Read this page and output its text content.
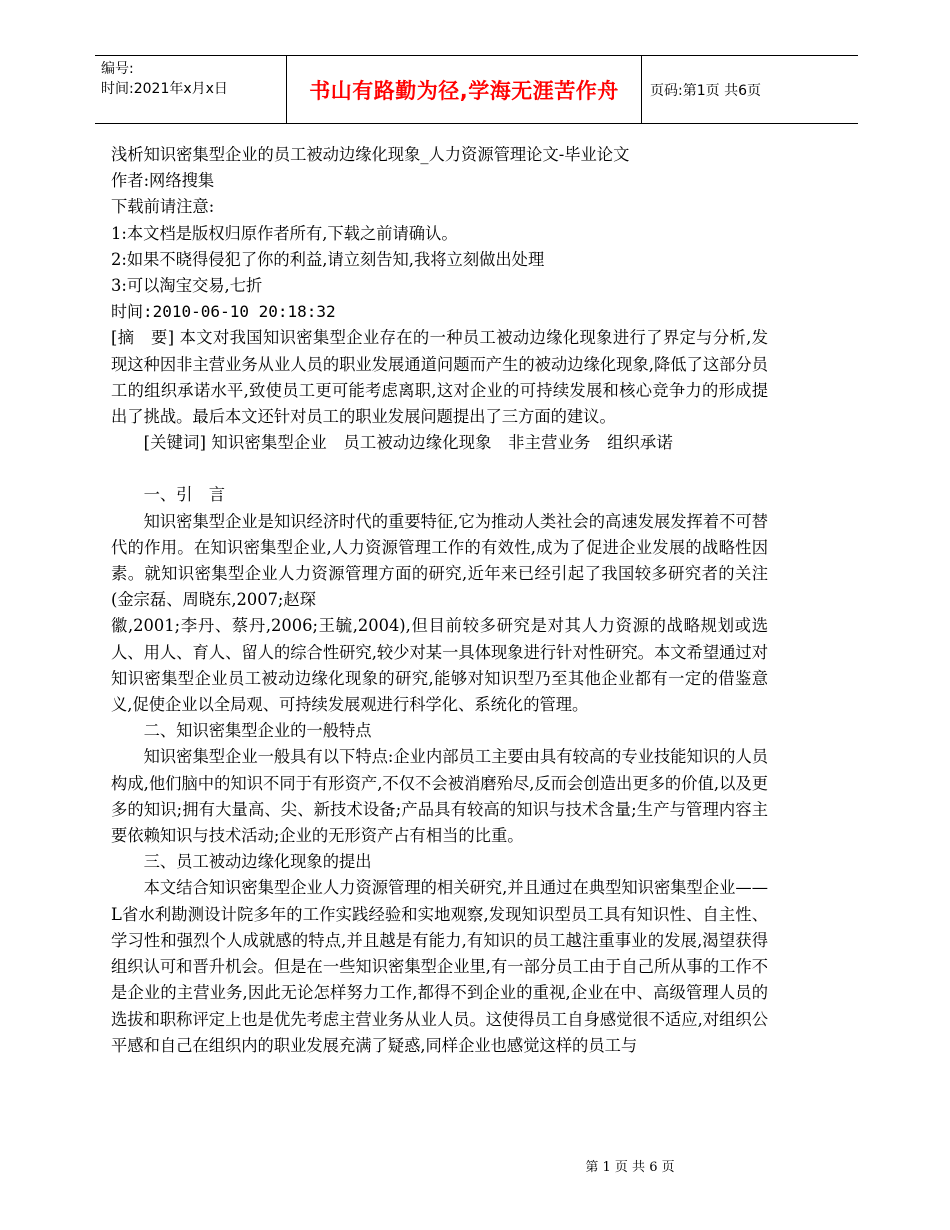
编号:
时间:2021年x月x日	书山有路勤为径,学海无涯苦作舟	页码:第1页 共6页

浅析知识密集型企业的员工被动边缘化现象_人力资源管理论文-毕业论文

作者:网络搜集

下载前请注意:

1:本文档是版权归原作者所有,下载之前请确认。

2:如果不晓得侵犯了你的利益,请立刻告知,我将立刻做出处理

3:可以淘宝交易,七折

时间:2010-06-10 20:18:32

[摘　要] 本文对我国知识密集型企业存在的一种员工被动边缘化现象进行了界定与分析,发现这种因非主营业务从业人员的职业发展通道问题而产生的被动边缘化现象,降低了这部分员工的组织承诺水平,致使员工更可能考虑离职,这对企业的可持续发展和核心竞争力的形成提出了挑战。最后本文还针对员工的职业发展问题提出了三方面的建议。

[关键词] 知识密集型企业　员工被动边缘化现象　非主营业务　组织承诺

一、引　言

知识密集型企业是知识经济时代的重要特征,它为推动人类社会的高速发展发挥着不可替代的作用。在知识密集型企业,人力资源管理工作的有效性,成为了促进企业发展的战略性因素。就知识密集型企业人力资源管理方面的研究,近年来已经引起了我国较多研究者的关注(金宗磊、周晓东,2007;赵琛

徽,2001;李丹、蔡丹,2006;王毓,2004),但目前较多研究是对其人力资源的战略规划或选人、用人、育人、留人的综合性研究,较少对某一具体现象进行针对性研究。本文希望通过对知识密集型企业员工被动边缘化现象的研究,能够对知识型乃至其他企业都有一定的借鉴意义,促使企业以全局观、可持续发展观进行科学化、系统化的管理。

二、知识密集型企业的一般特点

知识密集型企业一般具有以下特点:企业内部员工主要由具有较高的专业技能知识的人员构成,他们脑中的知识不同于有形资产,不仅不会被消磨殆尽,反而会创造出更多的价值,以及更多的知识;拥有大量高、尖、新技术设备;产品具有较高的知识与技术含量;生产与管理内容主要依赖知识与技术活动;企业的无形资产占有相当的比重。

三、员工被动边缘化现象的提出

本文结合知识密集型企业人力资源管理的相关研究,并且通过在典型知识密集型企业——L省水利勘测设计院多年的工作实践经验和实地观察,发现知识型员工具有知识性、自主性、学习性和强烈个人成就感的特点,并且越是有能力,有知识的员工越注重事业的发展,渴望获得组织认可和晋升机会。但是在一些知识密集型企业里,有一部分员工由于自己所从事的工作不是企业的主营业务,因此无论怎样努力工作,都得不到企业的重视,企业在中、高级管理人员的选拔和职称评定上也是优先考虑主营业务从业人员。这使得员工自身感觉很不适应,对组织公平感和自己在组织内的职业发展充满了疑惑,同样企业也感觉这样的员工与

第 1 页 共 6 页
